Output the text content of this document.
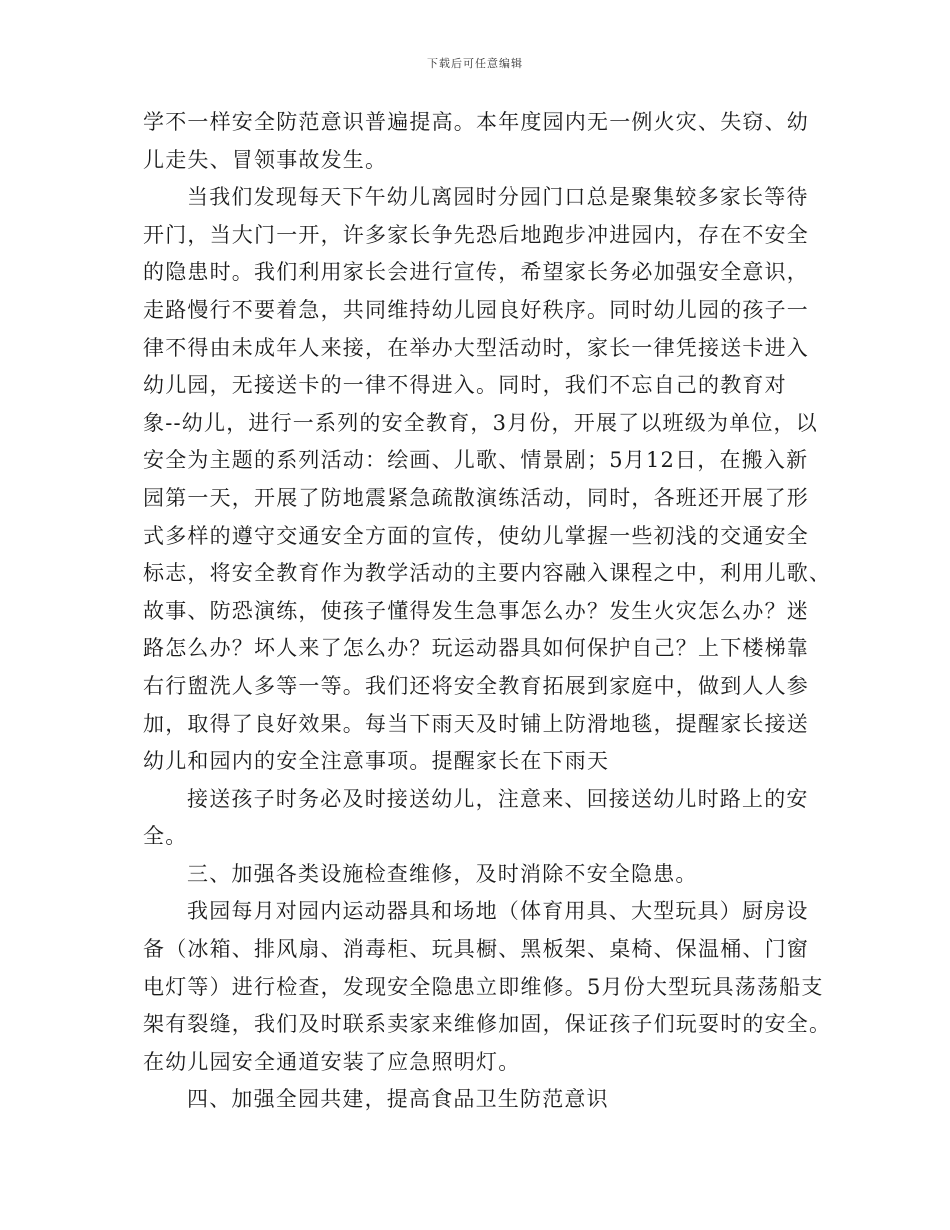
下载后可任意编辑
学不一样安全防范意识普遍提高。本年度园内无一例火灾、失窃、幼
儿走失、冒领事故发生。
当我们发现每天下午幼儿离园时分园门口总是聚集较多家长等待
开门，当大门一开，许多家长争先恐后地跑步冲进园内，存在不安全
的隐患时。我们利用家长会进行宣传，希望家长务必加强安全意识，
走路慢行不要着急，共同维持幼儿园良好秩序。同时幼儿园的孩子一
律不得由未成年人来接，在举办大型活动时，家长一律凭接送卡进入
幼儿园，无接送卡的一律不得进入。同时，我们不忘自己的教育对
象--幼儿，进行一系列的安全教育，3月份，开展了以班级为单位，以
安全为主题的系列活动：绘画、儿歌、情景剧；5月12日，在搬入新
园第一天，开展了防地震紧急疏散演练活动，同时，各班还开展了形
式多样的遵守交通安全方面的宣传，使幼儿掌握一些初浅的交通安全
标志，将安全教育作为教学活动的主要内容融入课程之中，利用儿歌、
故事、防恐演练，使孩子懂得发生急事怎么办？发生火灾怎么办？迷
路怎么办？坏人来了怎么办？玩运动器具如何保护自己？上下楼梯靠
右行盥洗人多等一等。我们还将安全教育拓展到家庭中，做到人人参
加，取得了良好效果。每当下雨天及时铺上防滑地毯，提醒家长接送
幼儿和园内的安全注意事项。提醒家长在下雨天
接送孩子时务必及时接送幼儿，注意来、回接送幼儿时路上的安
全。
三、加强各类设施检查维修，及时消除不安全隐患。
我园每月对园内运动器具和场地（体育用具、大型玩具）厨房设
备（冰箱、排风扇、消毒柜、玩具橱、黑板架、桌椅、保温桶、门窗
电灯等）进行检查，发现安全隐患立即维修。5月份大型玩具荡荡船支
架有裂缝，我们及时联系卖家来维修加固，保证孩子们玩耍时的安全。
在幼儿园安全通道安装了应急照明灯。
四、加强全园共建，提高食品卫生防范意识
